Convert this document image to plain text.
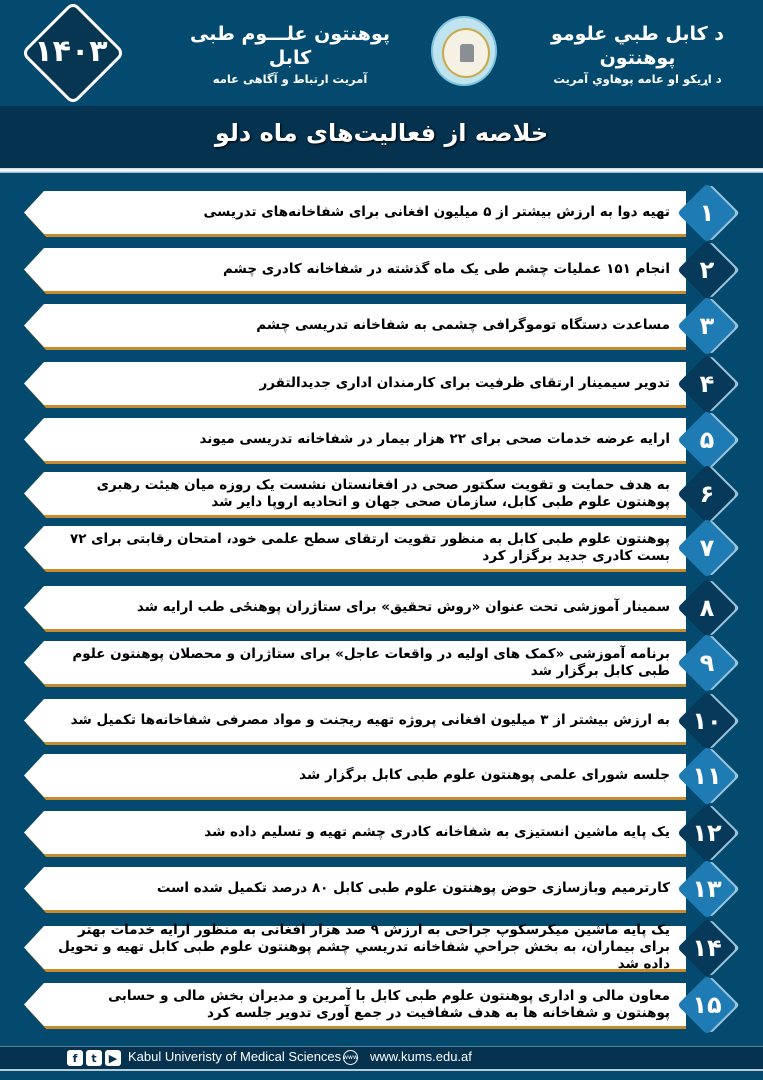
۱۴۰۳	پوهنتون علـــوم طبی کابل
آمریت ارتباط و آگاهی عامه
د کابل طبي علومو پوهنتون
د اړیکو او عامه پوهاوي آمریت
خلاصه از فعالیت‌های ماه دلو
تهیه دوا به ارزش بیشتر از ۵ میلیون افغانی برای شفاخانه‌های تدریسی	۱
انجام ۱۵۱ عملیات چشم طی یک ماه گذشته در شفاخانه کادری چشم	۲
مساعدت دستگاه توموگرافی چشمی به شفاخانه تدریسی چشم	۳
تدویر سیمینار ارتقای ظرفیت برای کارمندان اداری جدیدالتقرر	۴
ارایه عرضه خدمات صحی برای ۲۲ هزار بیمار در شفاخانه تدریسی میوند	۵
به هدف حمایت و تقویت سکتور صحی در افغانستان نشست یک روزه میان هیئت رهبری پوهنتون علوم طبی کابل، سازمان صحی جهان و اتحادیه اروپا دایر شد	۶
پوهنتون علوم طبی کابل به منظور تقویت ارتقای سطح علمی خود، امتحان رقابتی برای ۷۲ بست کادری جدید برگزار کرد	۷
سمینار آموزشی تحت عنوان «روش تحقیق» برای ستاژران پوهنځی طب ارایه شد	۸
برنامه آموزشی «کمک های اولیه در واقعات عاجل» برای ستاژران و محصلان پوهنتون علوم طبی کابل برگزار شد	۹
به ارزش بیشتر از ۳ میلیون افغانی پروژه تهیه ریجنت و مواد مصرفی شفاخانه‌ها تکمیل شد ۱۰
جلسه شورای علمی پوهنتون علوم طبی کابل برگزار شد ۱۱
یک پایه ماشین انستیزی به شفاخانه کادری چشم تهیه و تسلیم داده شد ۱۲
کارترمیم وبازسازی حوض پوهنتون علوم طبی کابل ۸۰ درصد تکمیل شده است ۱۳
یک پایه ماشین میکرسکوپ جراحی به ارزش ۹ صد هزار افغانی به منظور ارایه خدمات بهتر برای بیماران، به بخش جراحي شفاخانه تدریسي چشم پوهنتون علوم طبی کابل تهیه و تحویل داده شد
۱۴
معاون مالی و اداری پوهنتون علوم طبی کابل با آمرین و مدیران بخش مالی و حسابی پوهنتون و شفاخانه ها به هدف شفافیت در جمع آوری تدویر جلسه کرد ۱۵
f	t	▶ Kabul Univeristy of Medical Sciences www www.kums.edu.af
